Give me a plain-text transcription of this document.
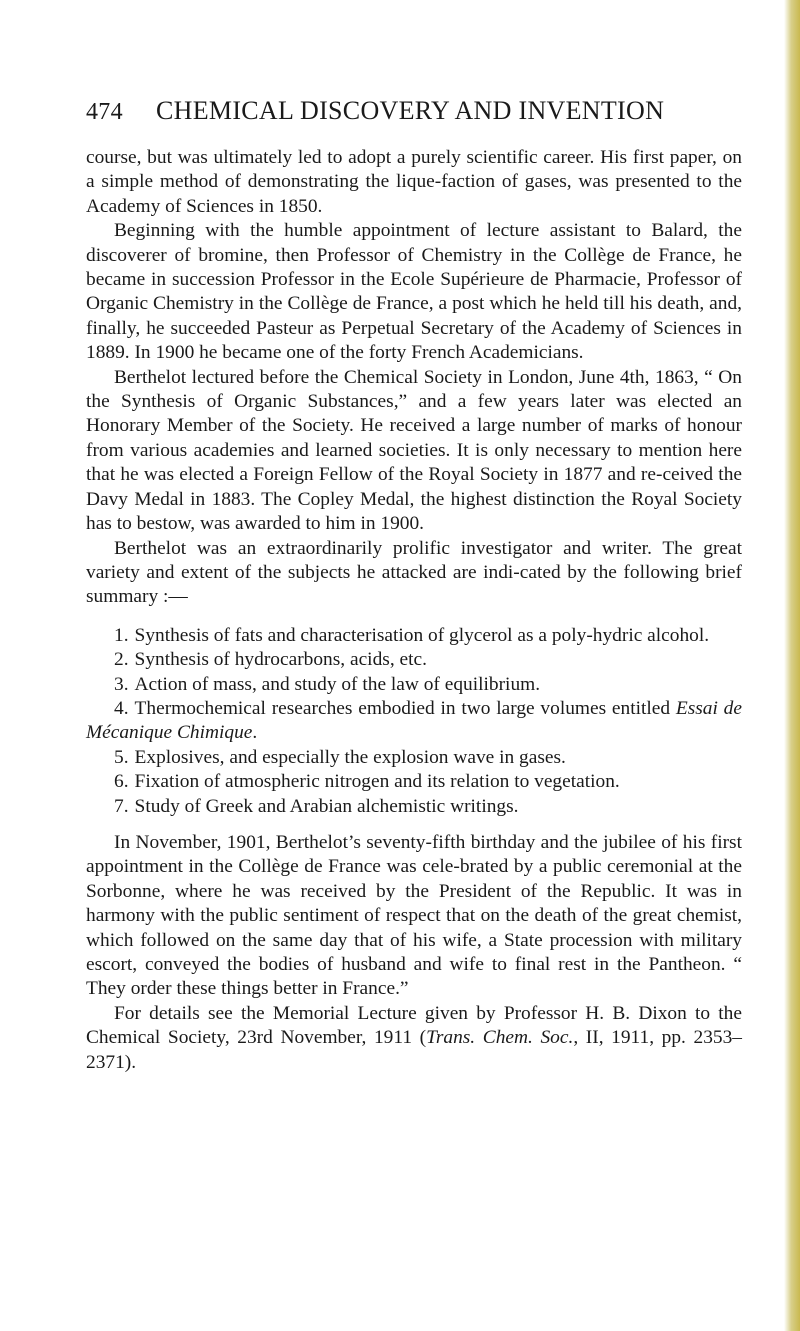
474	CHEMICAL DISCOVERY AND INVENTION

course, but was ultimately led to adopt a purely scientific career. His first paper, on a simple method of demonstrating the lique-faction of gases, was presented to the Academy of Sciences in 1850.

Beginning with the humble appointment of lecture assistant to Balard, the discoverer of bromine, then Professor of Chemistry in the Collège de France, he became in succession Professor in the Ecole Supérieure de Pharmacie, Professor of Organic Chemistry in the Collège de France, a post which he held till his death, and, finally, he succeeded Pasteur as Perpetual Secretary of the Academy of Sciences in 1889. In 1900 he became one of the forty French Academicians.

Berthelot lectured before the Chemical Society in London, June 4th, 1863, “ On the Synthesis of Organic Substances,” and a few years later was elected an Honorary Member of the Society. He received a large number of marks of honour from various academies and learned societies. It is only necessary to mention here that he was elected a Foreign Fellow of the Royal Society in 1877 and re-ceived the Davy Medal in 1883. The Copley Medal, the highest distinction the Royal Society has to bestow, was awarded to him in 1900.

Berthelot was an extraordinarily prolific investigator and writer. The great variety and extent of the subjects he attacked are indi-cated by the following brief summary :—

1. Synthesis of fats and characterisation of glycerol as a poly-hydric alcohol.
2. Synthesis of hydrocarbons, acids, etc.
3. Action of mass, and study of the law of equilibrium.
4. Thermochemical researches embodied in two large volumes entitled Essai de Mécanique Chimique.
5. Explosives, and especially the explosion wave in gases.
6. Fixation of atmospheric nitrogen and its relation to vegetation.
7. Study of Greek and Arabian alchemistic writings.

In November, 1901, Berthelot’s seventy-fifth birthday and the jubilee of his first appointment in the Collège de France was cele-brated by a public ceremonial at the Sorbonne, where he was received by the President of the Republic. It was in harmony with the public sentiment of respect that on the death of the great chemist, which followed on the same day that of his wife, a State procession with military escort, conveyed the bodies of husband and wife to final rest in the Pantheon. “ They order these things better in France.”

For details see the Memorial Lecture given by Professor H. B. Dixon to the Chemical Society, 23rd November, 1911 (Trans. Chem. Soc., II, 1911, pp. 2353–2371).
